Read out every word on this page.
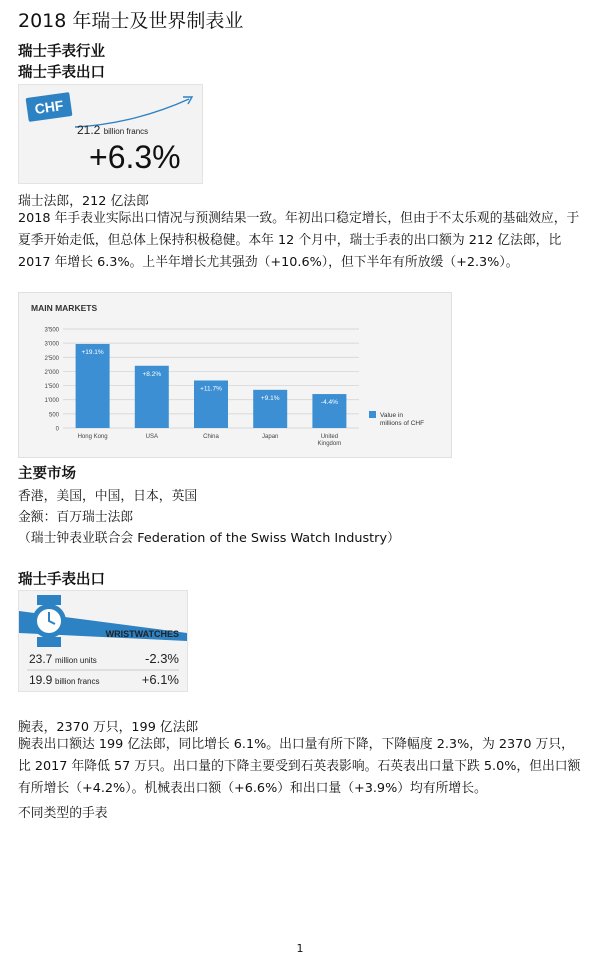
2018 年瑞士及世界制表业
瑞士手表行业
瑞士手表出口
CHF
21.2 billion francs
+6.3%

瑞士法郎，212 亿法郎

2018 年手表业实际出口情况与预测结果一致。年初出口稳定增长，但由于不太乐观的基础效应，于夏季开始走低，但总体上保持积极稳健。本年 12 个月中，瑞士手表的出口额为 212 亿法郎，比 2017 年增长 6.3%。上半年增长尤其强劲（+10.6%），但下半年有所放缓（+2.3%）。

MAIN MARKETS
0
500
1'000
1'500
2'000
2'500
3'000
3'500
+19.1%
Hong Kong
+8.2%
USA
+11.7%
China
+9.1%
Japan
-4.4%
United
Kingdom
Value in
millions of CHF
主要市场

香港，美国，中国，日本，英国

金额：百万瑞士法郎

（瑞士钟表业联合会 Federation of the Swiss Watch Industry）

瑞士手表出口
WRISTWATCHES
23.7 million units	-2.3%
19.9 billion francs	+6.1%

腕表，2370 万只，199 亿法郎

腕表出口额达 199 亿法郎，同比增长 6.1%。出口量有所下降，下降幅度 2.3%，为 2370 万只，比 2017 年降低 57 万只。出口量的下降主要受到石英表影响。石英表出口量下跌 5.0%，但出口额有所增长（+4.2%）。机械表出口额（+6.6%）和出口量（+3.9%）均有所增长。

不同类型的手表

1
